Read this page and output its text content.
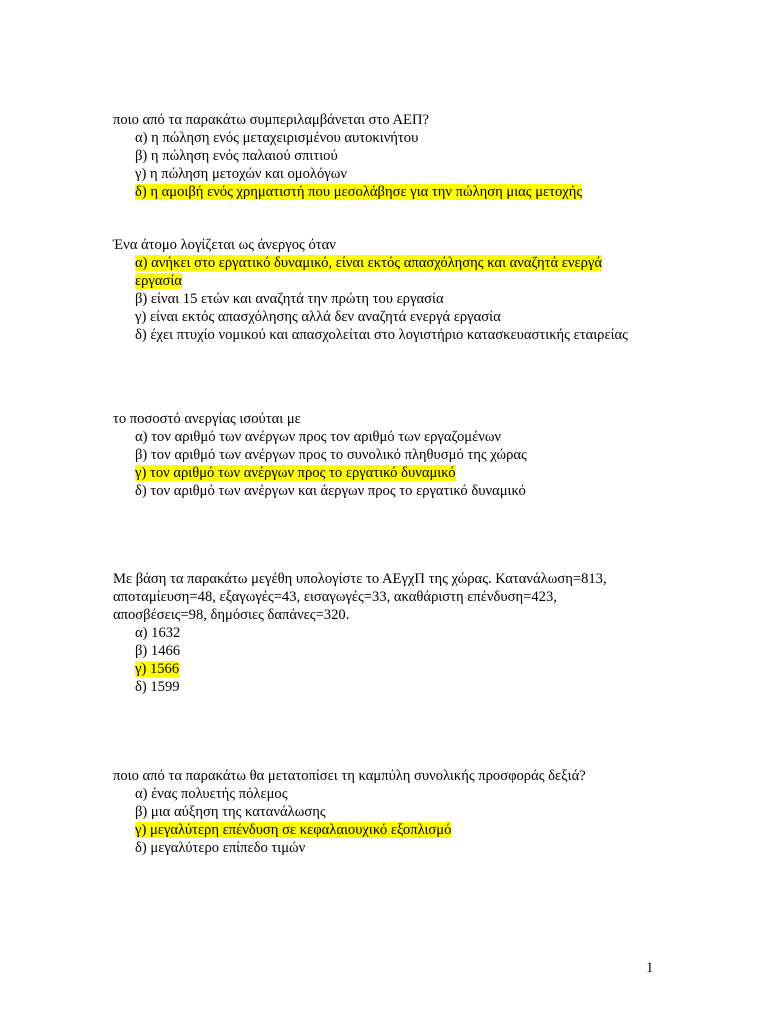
ποιο από τα παρακάτω συμπεριλαμβάνεται στο ΑΕΠ?
α) η πώληση ενός μεταχειρισμένου αυτοκινήτου
β) η πώληση ενός παλαιού σπιτιού
γ) η πώληση μετοχών και ομολόγων
δ) η αμοιβή ενός χρηματιστή που μεσολάβησε για την πώληση μιας μετοχής
Ένα άτομο λογίζεται ως άνεργος όταν
α) ανήκει στο εργατικό δυναμικό, είναι εκτός απασχόλησης και αναζητά ενεργά εργασία
β) είναι 15 ετών και αναζητά την πρώτη του εργασία
γ) είναι εκτός απασχόλησης αλλά δεν αναζητά ενεργά εργασία
δ) έχει πτυχίο νομικού και απασχολείται στο λογιστήριο κατασκευαστικής εταιρείας
το ποσοστό ανεργίας ισούται με
α) τον αριθμό των ανέργων προς τον αριθμό των εργαζομένων
β) τον αριθμό των ανέργων προς το συνολικό πληθυσμό της χώρας
γ) τον αριθμό των ανέργων προς το εργατικό δυναμικό
δ) τον αριθμό των ανέργων και άεργων προς το εργατικό δυναμικό
Με βάση τα παρακάτω μεγέθη υπολογίστε το ΑΕγχΠ της χώρας. Κατανάλωση=813, αποταμίευση=48, εξαγωγές=43, εισαγωγές=33, ακαθάριστη επένδυση=423, αποσβέσεις=98, δημόσιες δαπάνες=320.
α) 1632
β) 1466
γ) 1566
δ) 1599
ποιο από τα παρακάτω θα μετατοπίσει τη καμπύλη συνολικής προσφοράς δεξιά?
α) ένας πολυετής πόλεμος
β) μια αύξηση της κατανάλωσης
γ) μεγαλύτερη επένδυση σε κεφαλαιουχικό εξοπλισμό
δ) μεγαλύτερο επίπεδο τιμών
1
